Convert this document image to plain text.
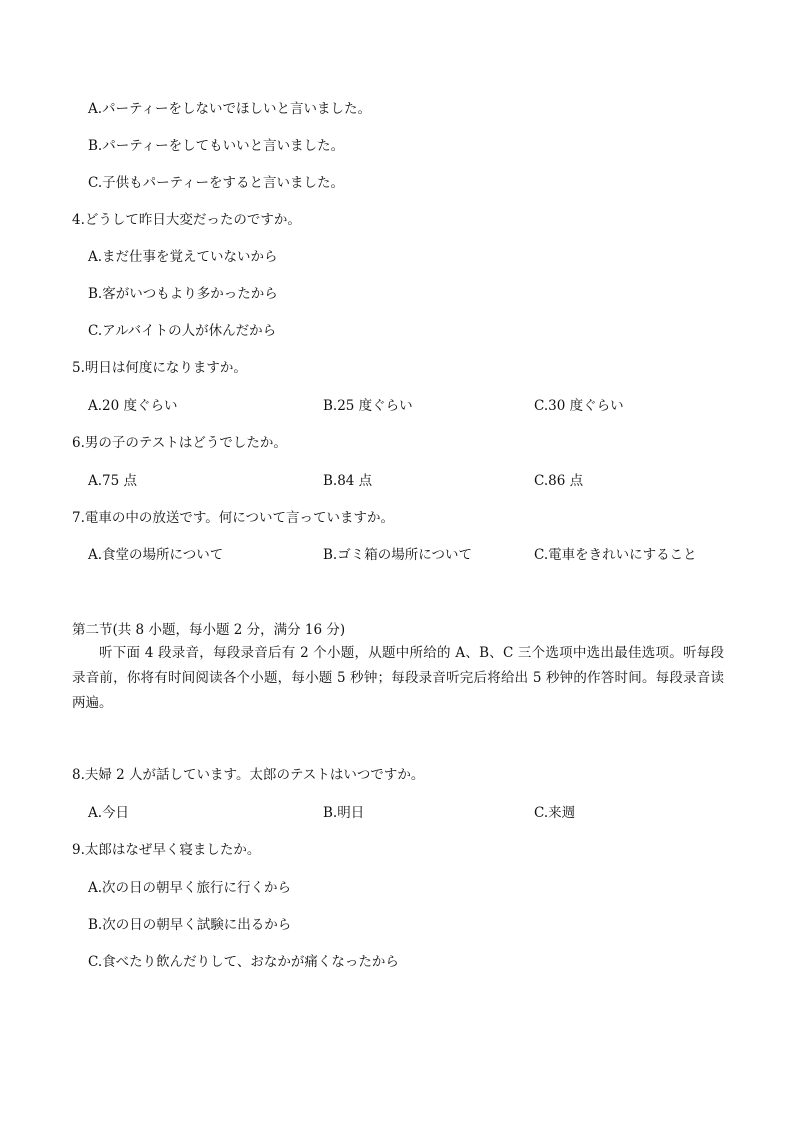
A.パーティーをしないでほしいと言いました。
B.パーティーをしてもいいと言いました。
C.子供もパーティーをすると言いました。
4.どうして昨日大変だったのですか。
A.まだ仕事を覚えていないから
B.客がいつもより多かったから
C.アルバイトの人が休んだから
5.明日は何度になりますか。
A.20 度ぐらい	B.25 度ぐらい	C.30 度ぐらい
6.男の子のテストはどうでしたか。
A.75 点	B.84 点	C.86 点
7.電車の中の放送です。何について言っていますか。
A.食堂の場所について	B.ゴミ箱の場所について	C.電車をきれいにすること
第二节(共 8 小题，每小题 2 分，满分 16 分)

听下面 4 段录音，每段录音后有 2 个小题，从题中所给的 A、B、C 三个选项中选出最佳选项。听每段录音前，你将有时间阅读各个小题，每小题 5 秒钟；每段录音听完后将给出 5 秒钟的作答时间。每段录音读两遍。

8.夫婦 2 人が話しています。太郎のテストはいつですか。
A.今日	B.明日	C.来週
9.太郎はなぜ早く寝ましたか。
A.次の日の朝早く旅行に行くから
B.次の日の朝早く試験に出るから
C.食べたり飲んだりして、おなかが痛くなったから
